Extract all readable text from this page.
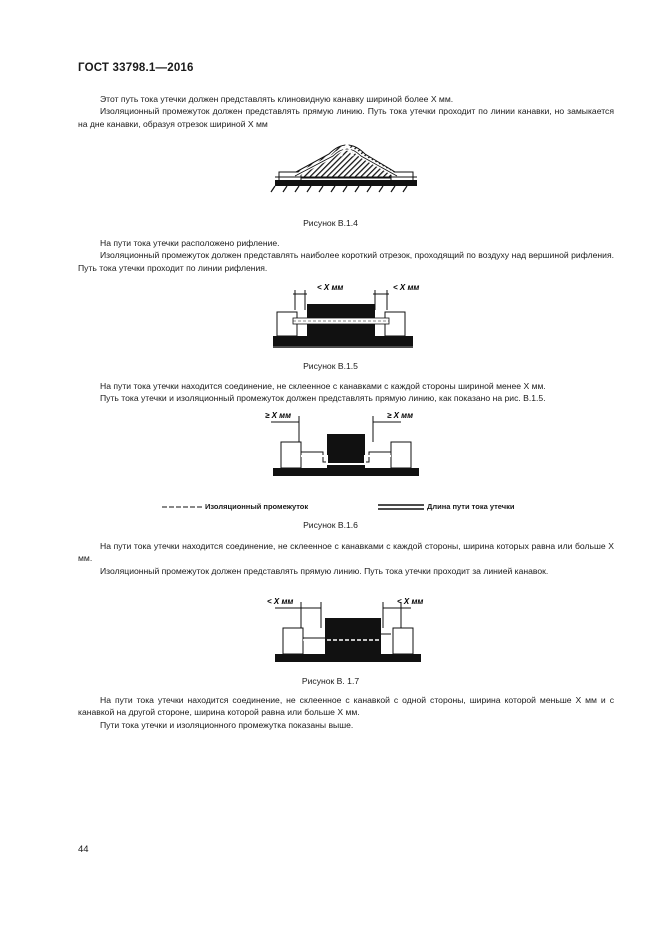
ГОСТ 33798.1—2016

Этот путь тока утечки должен представлять клиновидную канавку шириной более X мм.

Изоляционный промежуток должен представлять прямую линию. Путь тока утечки проходит по линии канавки, но замыкается на дне канавки, образуя отрезок шириной X мм

Рисунок В.1.4

На пути тока утечки расположено рифление.

Изоляционный промежуток должен представлять наиболее короткий отрезок, проходящий по воздуху над вершиной рифления. Путь тока утечки проходит по линии рифления.

< X мм	< X мм
Рисунок В.1.5

На пути тока утечки находится соединение, не склеенное с канавками с каждой стороны шириной менее X мм.

Путь тока утечки и изоляционный промежуток должен представлять прямую линию, как показано на рис. В.1.5.

≥ X мм	≥ X мм
Изоляционный промежуток	Длина пути тока утечки
Рисунок В.1.6

На пути тока утечки находится соединение, не склеенное с канавками с каждой стороны, ширина которых равна или больше X мм.

Изоляционный промежуток должен представлять прямую линию. Путь тока утечки проходит за линией канавок.

< X мм	< X мм
Рисунок В. 1.7

На пути тока утечки находится соединение, не склеенное с канавкой с одной стороны, ширина которой меньше X мм и с канавкой на другой стороне, ширина которой равна или больше X мм.

Пути тока утечки и изоляционного промежутка показаны выше.

44
